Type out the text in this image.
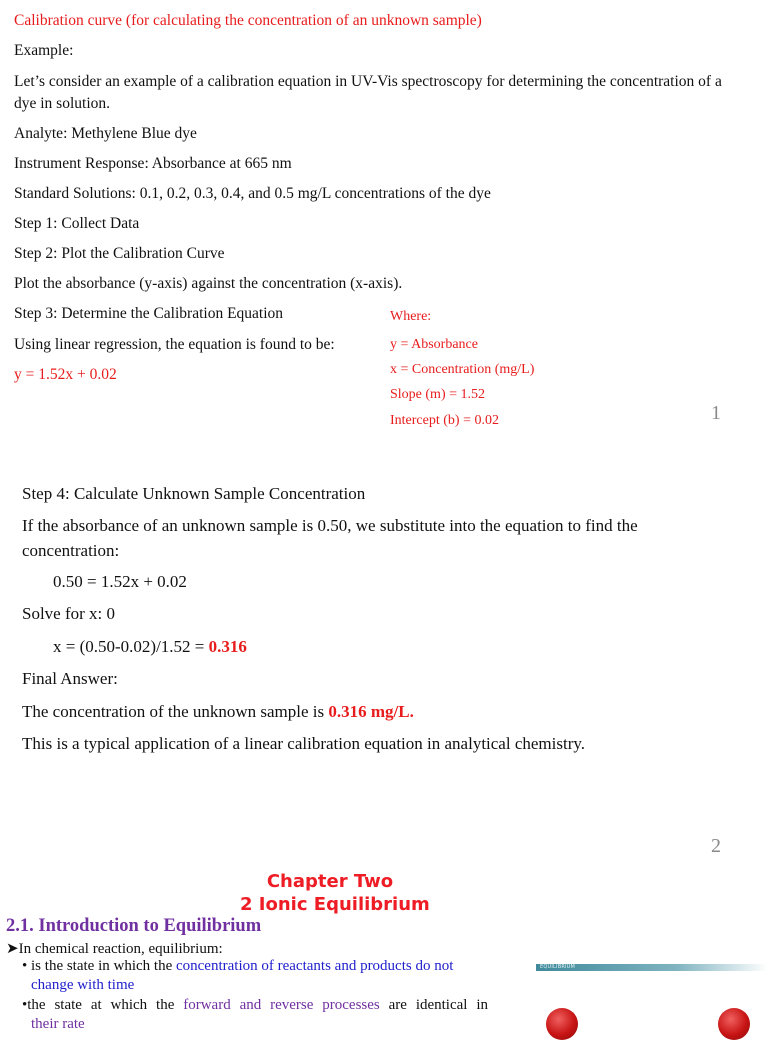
Calibration curve (for calculating the concentration of an unknown sample)
Example:
Let’s consider an example of a calibration equation in UV-Vis spectroscopy for determining the concentration of a
dye in solution.
Analyte: Methylene Blue dye
Instrument Response: Absorbance at 665 nm
Standard Solutions: 0.1, 0.2, 0.3, 0.4, and 0.5 mg/L concentrations of the dye
Step 1: Collect Data
Step 2: Plot the Calibration Curve
Plot the absorbance (y-axis) against the concentration (x-axis).
Step 3: Determine the Calibration Equation
Using linear regression, the equation is found to be:
y = 1.52x + 0.02
Where:
y = Absorbance
x = Concentration (mg/L)
Slope (m) = 1.52
Intercept (b) = 0.02	1
Step 4: Calculate Unknown Sample Concentration
If the absorbance of an unknown sample is 0.50, we substitute into the equation to find the
concentration:
0.50 = 1.52x + 0.02
Solve for x: 0
x = (0.50-0.02)/1.52 = 0.316
Final Answer:
The concentration of the unknown sample is 0.316 mg/L.
This is a typical application of a linear calibration equation in analytical chemistry.
2
Chapter Two
2 Ionic Equilibrium
2.1. Introduction to Equilibrium
➤In chemical reaction, equilibrium:
• is the state in which the concentration of reactants and products do not
change with time
•the state at which the forward and reverse processes are identical in
their rate
EQUILIBRIUM
